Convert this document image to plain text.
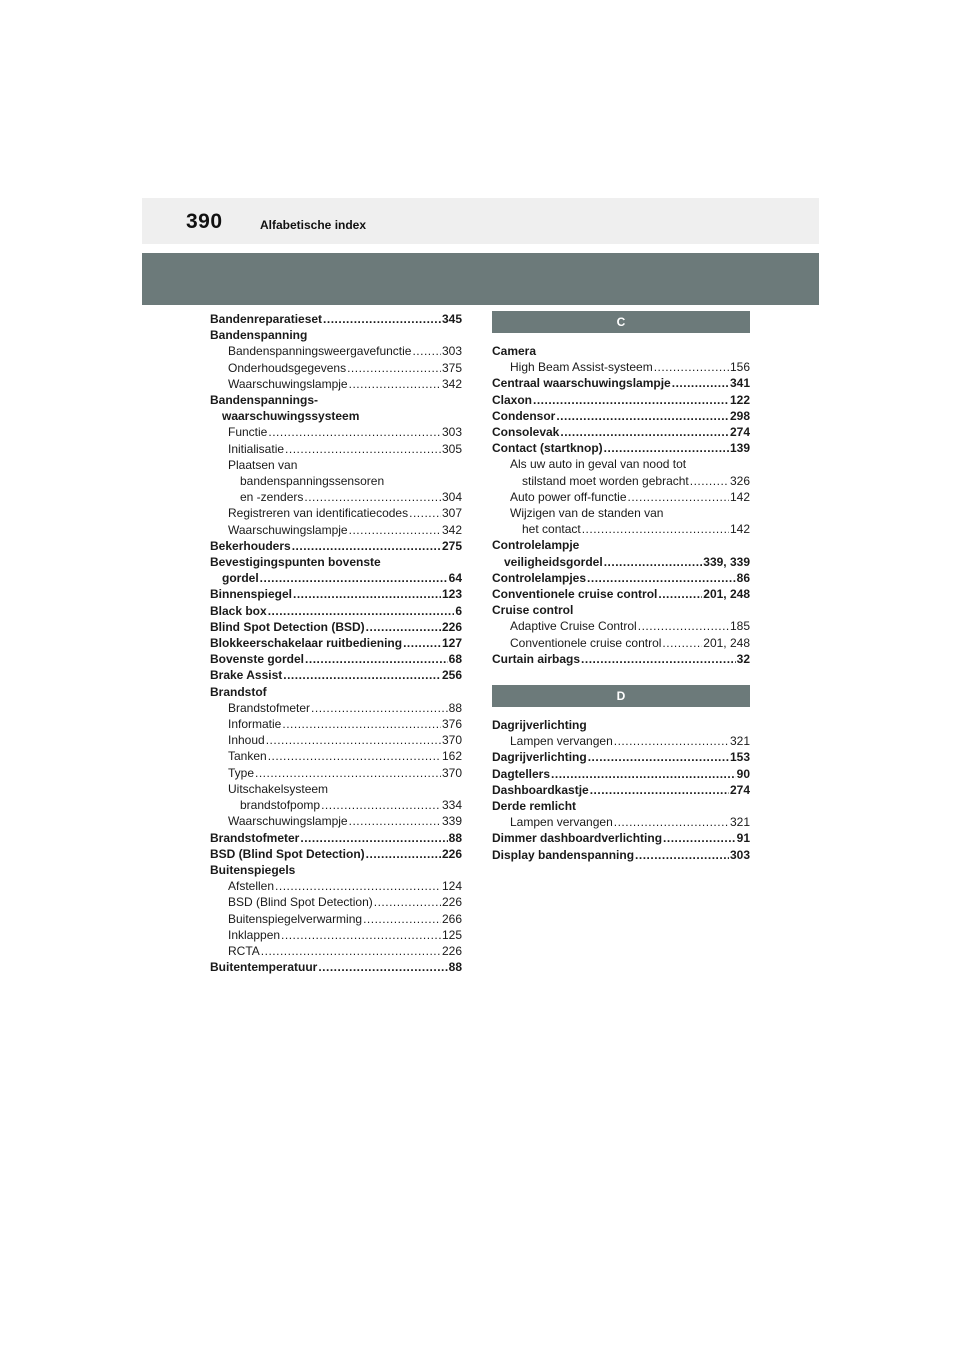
390	Alfabetische index
Bandenreparatieset .....	345
Bandenspanning
Bandenspanningsweergavefunctie .....	303
Onderhoudsgegevens .....	375
Waarschuwingslampje .....	342
Bandenspannings-
waarschuwingssysteem
Functie .....	303
Initialisatie .....	305
Plaatsen van
bandenspanningssensoren
en -zenders .....	304
Registreren van identificatiecodes .....	307
Waarschuwingslampje .....	342
Bekerhouders .....	275
Bevestigingspunten bovenste
gordel .....	64
Binnenspiegel .....	123
Black box .....	6
Blind Spot Detection (BSD) .....	226
Blokkeerschakelaar ruitbediening .....	127
Bovenste gordel .....	68
Brake Assist .....	256
Brandstof
Brandstofmeter .....	88
Informatie .....	376
Inhoud .....	370
Tanken .....	162
Type .....	370
Uitschakelsysteem
brandstofpomp .....	334
Waarschuwingslampje .....	339
Brandstofmeter .....	88
BSD (Blind Spot Detection) .....	226
Buitenspiegels
Afstellen .....	124
BSD (Blind Spot Detection) .....	226
Buitenspiegelverwarming .....	266
Inklappen .....	125
RCTA .....	226
Buitentemperatuur .....	88
C
Camera
High Beam Assist-systeem .....	156
Centraal waarschuwingslampje .....	341
Claxon .....	122
Condensor .....	298
Consolevak .....	274
Contact (startknop) .....	139
Als uw auto in geval van nood tot
stilstand moet worden gebracht .....	326
Auto power off-functie .....	142
Wijzigen van de standen van
het contact .....	142
Controlelampje
veiligheidsgordel .....	339, 339
Controlelampjes .....	86
Conventionele cruise control .....	201, 248
Cruise control
Adaptive Cruise Control .....	185
Conventionele cruise control .....	201, 248
Curtain airbags .....	32
D
Dagrijverlichting
Lampen vervangen .....	321
Dagrijverlichting .....	153
Dagtellers .....	90
Dashboardkastje .....	274
Derde remlicht
Lampen vervangen .....	321
Dimmer dashboardverlichting .....	91
Display bandenspanning .....	303
